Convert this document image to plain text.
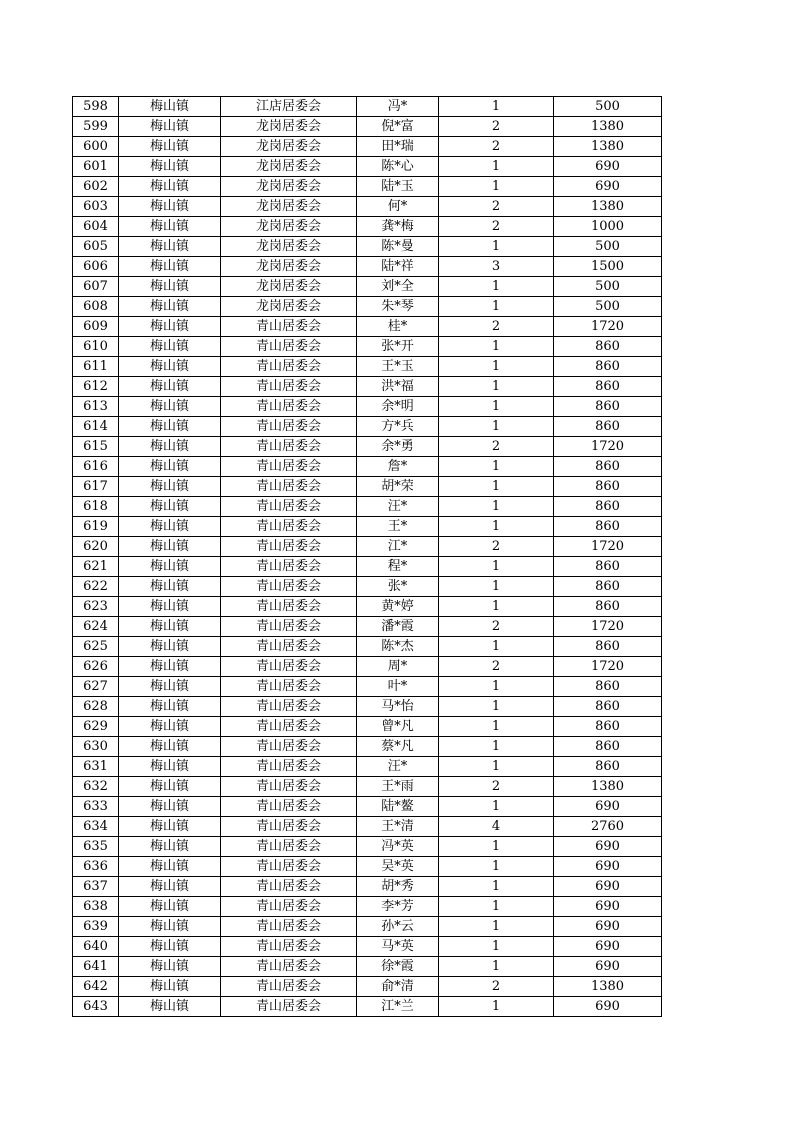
598	梅山镇	江店居委会	冯*	1	500
599	梅山镇	龙岗居委会	倪*富	2	1380
600	梅山镇	龙岗居委会	田*瑞	2	1380
601	梅山镇	龙岗居委会	陈*心	1	690
602	梅山镇	龙岗居委会	陆*玉	1	690
603	梅山镇	龙岗居委会	何*	2	1380
604	梅山镇	龙岗居委会	龚*梅	2	1000
605	梅山镇	龙岗居委会	陈*曼	1	500
606	梅山镇	龙岗居委会	陆*祥	3	1500
607	梅山镇	龙岗居委会	刘*全	1	500
608	梅山镇	龙岗居委会	朱*琴	1	500
609	梅山镇	青山居委会	桂*	2	1720
610	梅山镇	青山居委会	张*开	1	860
611	梅山镇	青山居委会	王*玉	1	860
612	梅山镇	青山居委会	洪*福	1	860
613	梅山镇	青山居委会	余*明	1	860
614	梅山镇	青山居委会	方*兵	1	860
615	梅山镇	青山居委会	余*勇	2	1720
616	梅山镇	青山居委会	詹*	1	860
617	梅山镇	青山居委会	胡*荣	1	860
618	梅山镇	青山居委会	汪*	1	860
619	梅山镇	青山居委会	王*	1	860
620	梅山镇	青山居委会	江*	2	1720
621	梅山镇	青山居委会	程*	1	860
622	梅山镇	青山居委会	张*	1	860
623	梅山镇	青山居委会	黄*婷	1	860
624	梅山镇	青山居委会	潘*霞	2	1720
625	梅山镇	青山居委会	陈*杰	1	860
626	梅山镇	青山居委会	周*	2	1720
627	梅山镇	青山居委会	叶*	1	860
628	梅山镇	青山居委会	马*怡	1	860
629	梅山镇	青山居委会	曾*凡	1	860
630	梅山镇	青山居委会	蔡*凡	1	860
631	梅山镇	青山居委会	汪*	1	860
632	梅山镇	青山居委会	王*雨	2	1380
633	梅山镇	青山居委会	陆*鳌	1	690
634	梅山镇	青山居委会	王*清	4	2760
635	梅山镇	青山居委会	冯*英	1	690
636	梅山镇	青山居委会	吴*英	1	690
637	梅山镇	青山居委会	胡*秀	1	690
638	梅山镇	青山居委会	李*芳	1	690
639	梅山镇	青山居委会	孙*云	1	690
640	梅山镇	青山居委会	马*英	1	690
641	梅山镇	青山居委会	徐*霞	1	690
642	梅山镇	青山居委会	俞*清	2	1380
643	梅山镇	青山居委会	江*兰	1	690
